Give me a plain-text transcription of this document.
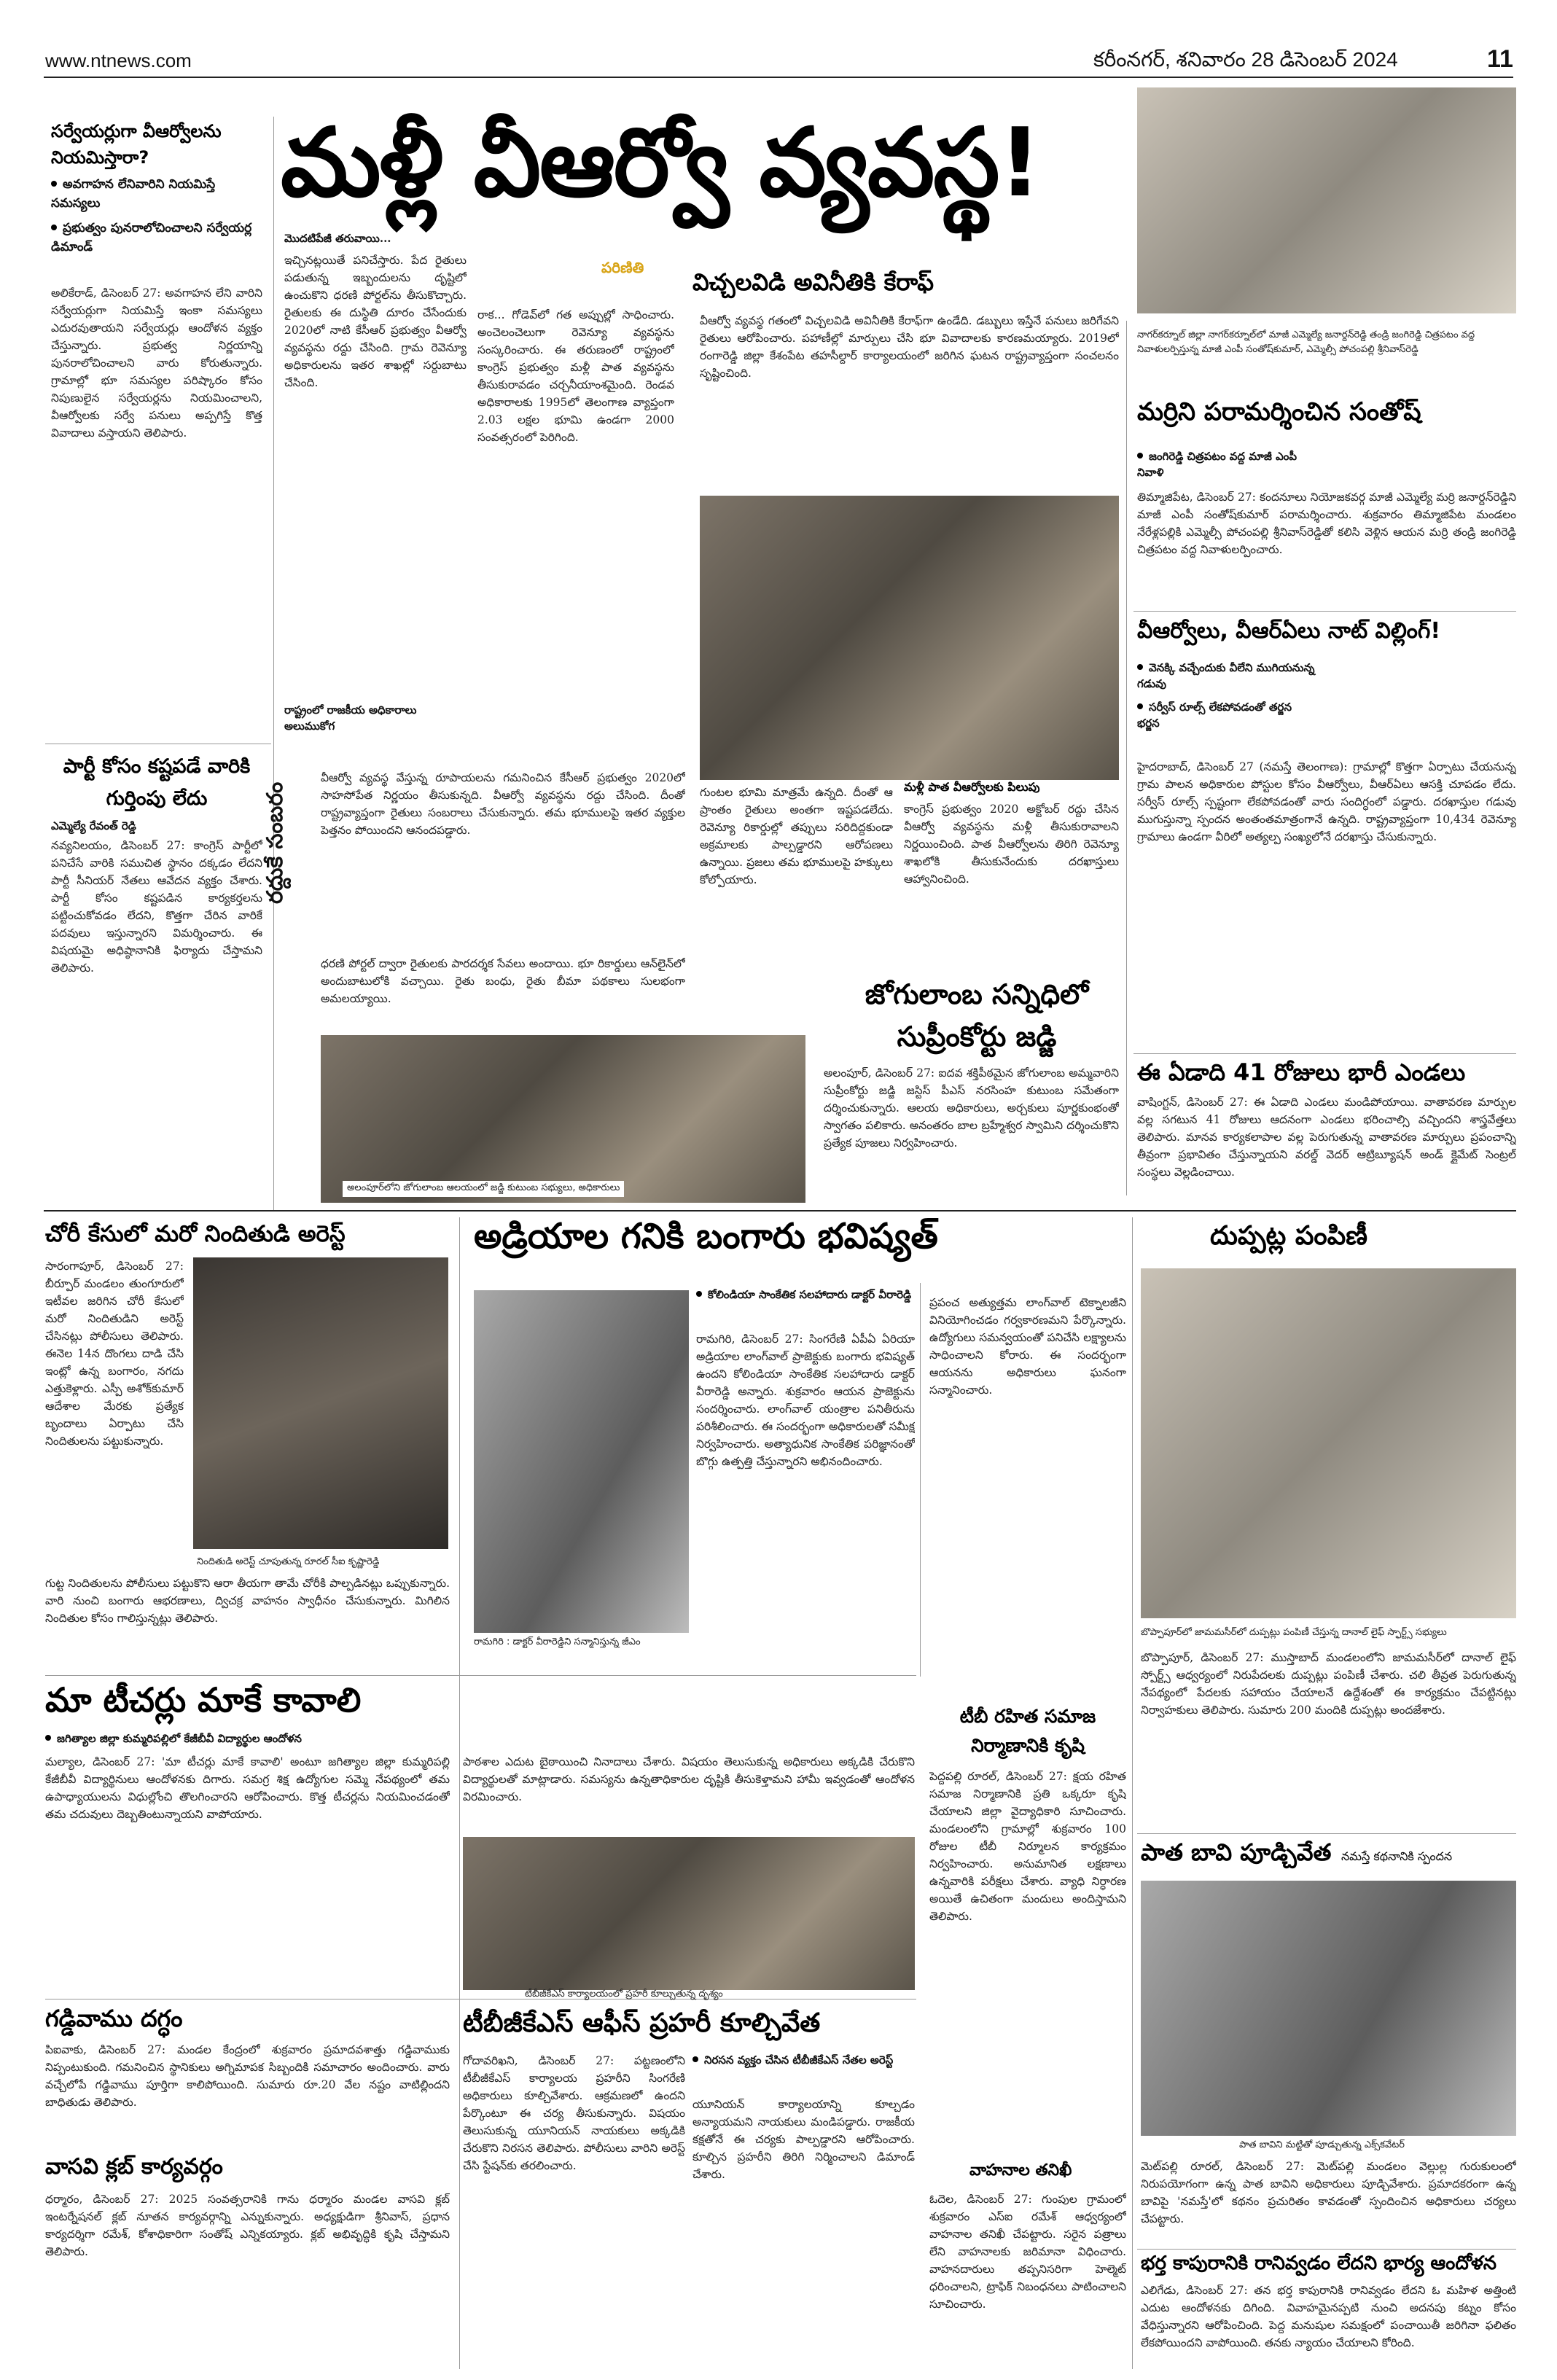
www.ntnews.com	కరీంనగర్, శనివారం 28 డిసెంబర్ 2024	11
సర్వేయర్లుగా వీఆర్వోలను నియమిస్తారా?
అవగాహన లేనివారిని నియమిస్తే సమస్యలు
ప్రభుత్వం పునరాలోచించాలని సర్వేయర్ల డిమాండ్
అలికేరాడ్, డిసెంబర్ 27: అవగాహన లేని వారిని సర్వేయర్లుగా నియమిస్తే ఇంకా సమస్యలు ఎదురవుతాయని సర్వేయర్లు ఆందోళన వ్యక్తం చేస్తున్నారు. ప్రభుత్వ నిర్ణయాన్ని పునరాలోచించాలని వారు కోరుతున్నారు. గ్రామాల్లో భూ సమస్యల పరిష్కారం కోసం నిపుణులైన సర్వేయర్లను నియమించాలని, వీఆర్వోలకు సర్వే పనులు అప్పగిస్తే కొత్త వివాదాలు వస్తాయని తెలిపారు.
పార్టీ కోసం కష్టపడే వారికి గుర్తింపు లేదు
ఎమ్మెల్యే రేవంత్ రెడ్డి
నవ్యనిలయం, డిసెంబర్ 27: కాంగ్రెస్ పార్టీలో పనిచేసే వారికి సముచిత స్థానం దక్కడం లేదని పార్టీ సీనియర్ నేతలు ఆవేదన వ్యక్తం చేశారు. పార్టీ కోసం కష్టపడిన కార్యకర్తలను పట్టించుకోవడం లేదని, కొత్తగా చేరిన వారికే పదవులు ఇస్తున్నారని విమర్శించారు. ఈ విషయమై అధిష్ఠానానికి ఫిర్యాదు చేస్తామని తెలిపారు.
మళ్లీ వీఆర్వో వ్యవస్థ!
పరిణితి
విచ్చలవిడి అవినీతికి కేరాఫ్
మొదటిపేజీ తరువాయి...
ఇచ్చినట్లయితే పనిచేస్తారు. పేద రైతులు పడుతున్న ఇబ్బందులను దృష్టిలో ఉంచుకొని ధరణి పోర్టల్‌ను తీసుకొచ్చారు. రైతులకు ఈ దుస్థితి దూరం చేసేందుకు 2020లో నాటి కేసీఆర్ ప్రభుత్వం వీఆర్వో వ్యవస్థను రద్దు చేసింది. గ్రామ రెవెన్యూ అధికారులను ఇతర శాఖల్లో సర్దుబాటు చేసింది.
రాష్ట్రంలో రాజకీయ అధికారాలు అలుముకోగ
రాక... గోడెవ్‌లో గత అప్పుల్లో సాధించారు. అంచెలంచెలుగా రెవెన్యూ వ్యవస్థను సంస్కరించారు. ఈ తరుణంలో రాష్ట్రంలో కాంగ్రెస్ ప్రభుత్వం మళ్లీ పాత వ్యవస్థను తీసుకురావడం చర్చనీయాంశమైంది. రెండవ అధికారాలకు 1995లో తెలంగాణ వ్యాప్తంగా 2.03 లక్షల భూమి ఉండగా 2000 సంవత్సరంలో పెరిగింది.
వీఆర్వో వ్యవస్థ గతంలో విచ్చలవిడి అవినీతికి కేరాఫ్‌గా ఉండేది. డబ్బులు ఇస్తేనే పనులు జరిగేవని రైతులు ఆరోపించారు. పహాణీల్లో మార్పులు చేసి భూ వివాదాలకు కారణమయ్యారు. 2019లో రంగారెడ్డి జిల్లా కేశంపేట తహసీల్దార్ కార్యాలయంలో జరిగిన ఘటన రాష్ట్రవ్యాప్తంగా సంచలనం సృష్టించింది.
రద్దుకే సంబరం
వీఆర్వో వ్యవస్థ వేస్తున్న రూపాయలను గమనించిన కేసీఆర్ ప్రభుత్వం 2020లో సాహసోపేత నిర్ణయం తీసుకున్నది. వీఆర్వో వ్యవస్థను రద్దు చేసింది. దీంతో రాష్ట్రవ్యాప్తంగా రైతులు సంబరాలు చేసుకున్నారు. తమ భూములపై ఇతర వ్యక్తుల పెత్తనం పోయిందని ఆనందపడ్డారు.
ధరణి పోర్టల్ ద్వారా రైతులకు పారదర్శక సేవలు అందాయి. భూ రికార్డులు ఆన్‌లైన్‌లో అందుబాటులోకి వచ్చాయి. రైతు బంధు, రైతు బీమా పథకాలు సులభంగా అమలయ్యాయి.
గుంటల భూమి మాత్రమే ఉన్నది. దీంతో ఆ ప్రాంతం రైతులు అంతగా ఇష్టపడలేదు. రెవెన్యూ రికార్డుల్లో తప్పులు సరిదిద్దకుండా అక్రమాలకు పాల్పడ్డారని ఆరోపణలు ఉన్నాయి. ప్రజలు తమ భూములపై హక్కులు కోల్పోయారు.
మళ్లీ పాత వీఆర్వోలకు పిలుపు
కాంగ్రెస్ ప్రభుత్వం 2020 అక్టోబర్ రద్దు చేసిన వీఆర్వో వ్యవస్థను మళ్లీ తీసుకురావాలని నిర్ణయించింది. పాత వీఆర్వోలను తిరిగి రెవెన్యూ శాఖలోకి తీసుకునేందుకు దరఖాస్తులు ఆహ్వానించింది.
జోగులాంబ సన్నిధిలో సుప్రీంకోర్టు జడ్జి
అలంపూర్, డిసెంబర్ 27: ఐదవ శక్తిపీఠమైన జోగులాంబ అమ్మవారిని సుప్రీంకోర్టు జడ్జి జస్టిస్ పీఎస్ నరసింహ కుటుంబ సమేతంగా దర్శించుకున్నారు. ఆలయ అధికారులు, అర్చకులు పూర్ణకుంభంతో స్వాగతం పలికారు. అనంతరం బాల బ్రహ్మేశ్వర స్వామిని దర్శించుకొని ప్రత్యేక పూజలు నిర్వహించారు.
అలంపూర్‌లోని జోగులాంబ ఆలయంలో జడ్జి కుటుంబ సభ్యులు, అధికారులు
నాగర్‌కర్నూల్ జిల్లా నాగర్‌కర్నూల్‌లో మాజీ ఎమ్మెల్యే జనార్దన్‌రెడ్డి తండ్రి జంగిరెడ్డి చిత్రపటం వద్ద నివాళులర్పిస్తున్న మాజీ ఎంపీ సంతోష్‌కుమార్, ఎమ్మెల్సీ పోచంపల్లి శ్రీనివాస్‌రెడ్డి
మర్రిని పరామర్శించిన సంతోష్
జంగిరెడ్డి చిత్రపటం వద్ద మాజీ ఎంపీ నివాళి
తిమ్మాజిపేట, డిసెంబర్ 27: కందనూలు నియోజకవర్గ మాజీ ఎమ్మెల్యే మర్రి జనార్దన్‌రెడ్డిని మాజీ ఎంపీ సంతోష్‌కుమార్ పరామర్శించారు. శుక్రవారం తిమ్మాజిపేట మండలం నేరేళ్లపల్లికి ఎమ్మెల్సీ పోచంపల్లి శ్రీనివాస్‌రెడ్డితో కలిసి వెళ్లిన ఆయన మర్రి తండ్రి జంగిరెడ్డి చిత్రపటం వద్ద నివాళులర్పించారు.
వీఆర్వోలు, వీఆర్‌ఏలు నాట్ విల్లింగ్!
వెనక్కి వచ్చేందుకు వీలేని ముగియనున్న గడువు
సర్వీస్ రూల్స్ లేకపోవడంతో తర్జన భర్జన
హైదరాబాద్, డిసెంబర్ 27 (నమస్తే తెలంగాణ): గ్రామాల్లో కొత్తగా ఏర్పాటు చేయనున్న గ్రామ పాలన అధికారుల పోస్టుల కోసం వీఆర్వోలు, వీఆర్‌ఏలు ఆసక్తి చూపడం లేదు. సర్వీస్ రూల్స్ స్పష్టంగా లేకపోవడంతో వారు సందిగ్ధంలో పడ్డారు. దరఖాస్తుల గడువు ముగుస్తున్నా స్పందన అంతంతమాత్రంగానే ఉన్నది. రాష్ట్రవ్యాప్తంగా 10,434 రెవెన్యూ గ్రామాలు ఉండగా వీరిలో అత్యల్ప సంఖ్యలోనే దరఖాస్తు చేసుకున్నారు.
ఈ ఏడాది 41 రోజులు భారీ ఎండలు
వాషింగ్టన్, డిసెంబర్ 27: ఈ ఏడాది ఎండలు మండిపోయాయి. వాతావరణ మార్పుల వల్ల సగటున 41 రోజులు ఆదనంగా ఎండలు భరించాల్సి వచ్చిందని శాస్త్రవేత్తలు తెలిపారు. మానవ కార్యకలాపాల వల్ల పెరుగుతున్న వాతావరణ మార్పులు ప్రపంచాన్ని తీవ్రంగా ప్రభావితం చేస్తున్నాయని వరల్డ్ వెదర్ ఆట్రిబ్యూషన్ అండ్ క్లైమేట్ సెంట్రల్ సంస్థలు వెల్లడించాయి.
చోరీ కేసులో మరో నిందితుడి అరెస్ట్
సారంగాపూర్, డిసెంబర్ 27: బీర్పూర్ మండలం తుంగూరులో ఇటీవల జరిగిన చోరీ కేసులో మరో నిందితుడిని అరెస్ట్ చేసినట్లు పోలీసులు తెలిపారు. ఈనెల 14న దొంగలు దాడి చేసి ఇంట్లో ఉన్న బంగారం, నగదు ఎత్తుకెళ్లారు. ఎస్పీ అశోక్‌కుమార్ ఆదేశాల మేరకు ప్రత్యేక బృందాలు ఏర్పాటు చేసి నిందితులను పట్టుకున్నారు.
నిందితుడి అరెస్ట్ చూపుతున్న రూరల్ సీఐ కృష్ణారెడ్డి
గుట్ట నిందితులను పోలీసులు పట్టుకొని ఆరా తీయగా తామే చోరీకి పాల్పడినట్లు ఒప్పుకున్నారు. వారి నుంచి బంగారు ఆభరణాలు, ద్విచక్ర వాహనం స్వాధీనం చేసుకున్నారు. మిగిలిన నిందితుల కోసం గాలిస్తున్నట్లు తెలిపారు.
అడ్రియాల గనికి బంగారు భవిష్యత్
కోలిండియా సాంకేతిక సలహాదారు డాక్టర్ వీరారెడ్డి
రామగిరి : డాక్టర్ వీరారెడ్డిని సన్మానిస్తున్న జీఎం
రామగిరి, డిసెంబర్ 27: సింగరేణి ఏపీఏ ఏరియా అడ్రియాల లాంగ్‌వాల్ ప్రాజెక్టుకు బంగారు భవిష్యత్ ఉందని కోలిండియా సాంకేతిక సలహాదారు డాక్టర్ వీరారెడ్డి అన్నారు. శుక్రవారం ఆయన ప్రాజెక్టును సందర్శించారు. లాంగ్‌వాల్ యంత్రాల పనితీరును పరిశీలించారు. ఈ సందర్భంగా అధికారులతో సమీక్ష నిర్వహించారు. అత్యాధునిక సాంకేతిక పరిజ్ఞానంతో బొగ్గు ఉత్పత్తి చేస్తున్నారని అభినందించారు.
టీబీ రహిత సమాజ నిర్మాణానికి కృషి
పెద్దపల్లి రూరల్, డిసెంబర్ 27: క్షయ రహిత సమాజ నిర్మాణానికి ప్రతి ఒక్కరూ కృషి చేయాలని జిల్లా వైద్యాధికారి సూచించారు. మండలంలోని గ్రామాల్లో శుక్రవారం 100 రోజుల టీబీ నిర్మూలన కార్యక్రమం నిర్వహించారు. అనుమానిత లక్షణాలు ఉన్నవారికి పరీక్షలు చేశారు. వ్యాధి నిర్ధారణ అయితే ఉచితంగా మందులు అందిస్తామని తెలిపారు.
ప్రపంచ అత్యుత్తమ లాంగ్‌వాల్ టెక్నాలజీని వినియోగించడం గర్వకారణమని పేర్కొన్నారు. ఉద్యోగులు సమన్వయంతో పనిచేసి లక్ష్యాలను సాధించాలని కోరారు. ఈ సందర్భంగా ఆయనను అధికారులు ఘనంగా సన్మానించారు.
వాహనాల తనిఖీ
ఓదెల, డిసెంబర్ 27: గుంపుల గ్రామంలో శుక్రవారం ఎస్ఐ రమేశ్ ఆధ్వర్యంలో వాహనాల తనిఖీ చేపట్టారు. సరైన పత్రాలు లేని వాహనాలకు జరిమానా విధించారు. వాహనదారులు తప్పనిసరిగా హెల్మెట్ ధరించాలని, ట్రాఫిక్ నిబంధనలు పాటించాలని సూచించారు.
దుప్పట్ల పంపిణీ
బొప్పాపూర్‌లో జామమసీర్‌లో దుప్పట్లు పంపిణీ చేస్తున్న దానాల్ లైఫ్ స్ఫార్ట్స్ సభ్యులు
బొప్పాపూర్, డిసెంబర్ 27: ముస్తాబాద్ మండలంలోని జామమసీర్‌లో దానాల్ లైఫ్ స్పోర్ట్స్ ఆధ్వర్యంలో నిరుపేదలకు దుప్పట్లు పంపిణీ చేశారు. చలి తీవ్రత పెరుగుతున్న నేపథ్యంలో పేదలకు సహాయం చేయాలనే ఉద్దేశంతో ఈ కార్యక్రమం చేపట్టినట్లు నిర్వాహకులు తెలిపారు. సుమారు 200 మందికి దుప్పట్లు అందజేశారు.
పాత బావి పూడ్చివేత నమస్తే కథనానికి స్పందన
పాత బావిని మట్టితో పూడ్చుతున్న ఎక్స్‌కవేటర్
మెట్‌పల్లి రూరల్, డిసెంబర్ 27: మెట్‌పల్లి మండలం వెల్లుల్ల గురుకులంలో నిరుపయోగంగా ఉన్న పాత బావిని అధికారులు పూడ్చివేశారు. ప్రమాదకరంగా ఉన్న బావిపై 'నమస్తే'లో కథనం ప్రచురితం కావడంతో స్పందించిన అధికారులు చర్యలు చేపట్టారు.
భర్త కాపురానికి రానివ్వడం లేదని భార్య ఆందోళన
ఎలిగేడు, డిసెంబర్ 27: తన భర్త కాపురానికి రానివ్వడం లేదని ఓ మహిళ అత్తింటి ఎదుట ఆందోళనకు దిగింది. వివాహమైనప్పటి నుంచి అదనపు కట్నం కోసం వేధిస్తున్నారని ఆరోపించింది. పెద్ద మనుషుల సమక్షంలో పంచాయితీ జరిగినా ఫలితం లేకపోయిందని వాపోయింది. తనకు న్యాయం చేయాలని కోరింది.
మా టీచర్లు మాకే కావాలి
జగిత్యాల జిల్లా కుమ్మరిపల్లిలో కేజీబీవీ విద్యార్థుల ఆందోళన
మల్యాల, డిసెంబర్ 27: 'మా టీచర్లు మాకే కావాలి' అంటూ జగిత్యాల జిల్లా కుమ్మరిపల్లి కేజీబీవీ విద్యార్థినులు ఆందోళనకు దిగారు. సమగ్ర శిక్ష ఉద్యోగుల సమ్మె నేపథ్యంలో తమ ఉపాధ్యాయులను విధుల్లోంచి తొలగించారని ఆరోపించారు. కొత్త టీచర్లను నియమించడంతో తమ చదువులు దెబ్బతింటున్నాయని వాపోయారు.
పాఠశాల ఎదుట బైఠాయించి నినాదాలు చేశారు. విషయం తెలుసుకున్న అధికారులు అక్కడికి చేరుకొని విద్యార్థులతో మాట్లాడారు. సమస్యను ఉన్నతాధికారుల దృష్టికి తీసుకెళ్తామని హామీ ఇవ్వడంతో ఆందోళన విరమించారు.
గడ్డివాము దగ్ధం
పిఐవాకు, డిసెంబర్ 27: మండల కేంద్రంలో శుక్రవారం ప్రమాదవశాత్తు గడ్డివాముకు నిప్పంటుకుంది. గమనించిన స్థానికులు అగ్నిమాపక సిబ్బందికి సమాచారం అందించారు. వారు వచ్చేలోపే గడ్డివాము పూర్తిగా కాలిపోయింది. సుమారు రూ.20 వేల నష్టం వాటిల్లిందని బాధితుడు తెలిపారు.
వాసవి క్లబ్ కార్యవర్గం
ధర్మారం, డిసెంబర్ 27: 2025 సంవత్సరానికి గాను ధర్మారం మండల వాసవి క్లబ్ ఇంటర్నేషనల్ క్లబ్ నూతన కార్యవర్గాన్ని ఎన్నుకున్నారు. అధ్యక్షుడిగా శ్రీనివాస్, ప్రధాన కార్యదర్శిగా రమేశ్, కోశాధికారిగా సంతోష్ ఎన్నికయ్యారు. క్లబ్ అభివృద్ధికి కృషి చేస్తామని తెలిపారు.
టీబీజీకేఎస్ కార్యాలయంలో ప్రహరీ కూల్చుతున్న దృశ్యం
టీబీజీకేఎస్ ఆఫీస్ ప్రహరీ కూల్చివేత
నిరసన వ్యక్తం చేసిన టీబీజీకేఎస్ నేతల అరెస్ట్
గోదావరిఖని, డిసెంబర్ 27: పట్టణంలోని టీబీజీకేఎస్ కార్యాలయ ప్రహరీని సింగరేణి అధికారులు కూల్చివేశారు. ఆక్రమణలో ఉందని పేర్కొంటూ ఈ చర్య తీసుకున్నారు. విషయం తెలుసుకున్న యూనియన్ నాయకులు అక్కడికి చేరుకొని నిరసన తెలిపారు. పోలీసులు వారిని అరెస్ట్ చేసి స్టేషన్‌కు తరలించారు.
యూనియన్ కార్యాలయాన్ని కూల్చడం అన్యాయమని నాయకులు మండిపడ్డారు. రాజకీయ కక్షతోనే ఈ చర్యకు పాల్పడ్డారని ఆరోపించారు. కూల్చిన ప్రహరీని తిరిగి నిర్మించాలని డిమాండ్ చేశారు.
